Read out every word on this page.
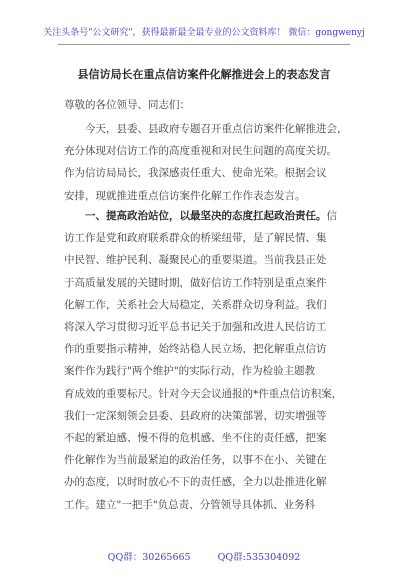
关注头条号"公文研究"，获得最新最全最专业的公文资料库！ 微信：gongwenyj
县信访局长在重点信访案件化解推进会上的表态发言
尊敬的各位领导、同志们：
今天，县委、县政府专题召开重点信访案件化解推进会，
充分体现对信访工作的高度重视和对民生问题的高度关切。
作为信访局局长，我深感责任重大、使命光荣。根据会议
安排，现就推进重点信访案件化解工作作表态发言。
一、提高政治站位，以最坚决的态度扛起政治责任。信
访工作是党和政府联系群众的桥梁纽带，是了解民情、集
中民智、维护民利、凝聚民心的重要渠道。当前我县正处
于高质量发展的关键时期，做好信访工作特别是重点案件
化解工作，关系社会大局稳定，关系群众切身利益。我们
将深入学习贯彻习近平总书记关于加强和改进人民信访工
作的重要指示精神，始终站稳人民立场，把化解重点信访
案件作为践行"两个维护"的实际行动，作为检验主题教
育成效的重要标尺。针对今天会议通报的*件重点信访积案，
我们一定深刻领会县委、县政府的决策部署，切实增强等
不起的紧迫感、慢不得的危机感、坐不住的责任感，把案
件化解作为当前最紧迫的政治任务，以事不在小、关键在
办的态度，以时时放心不下的责任感，全力以赴推进化解
工作。建立"一把手"负总责、分管领导具体抓、业务科
QQ群：30265665	QQ群:535304092
